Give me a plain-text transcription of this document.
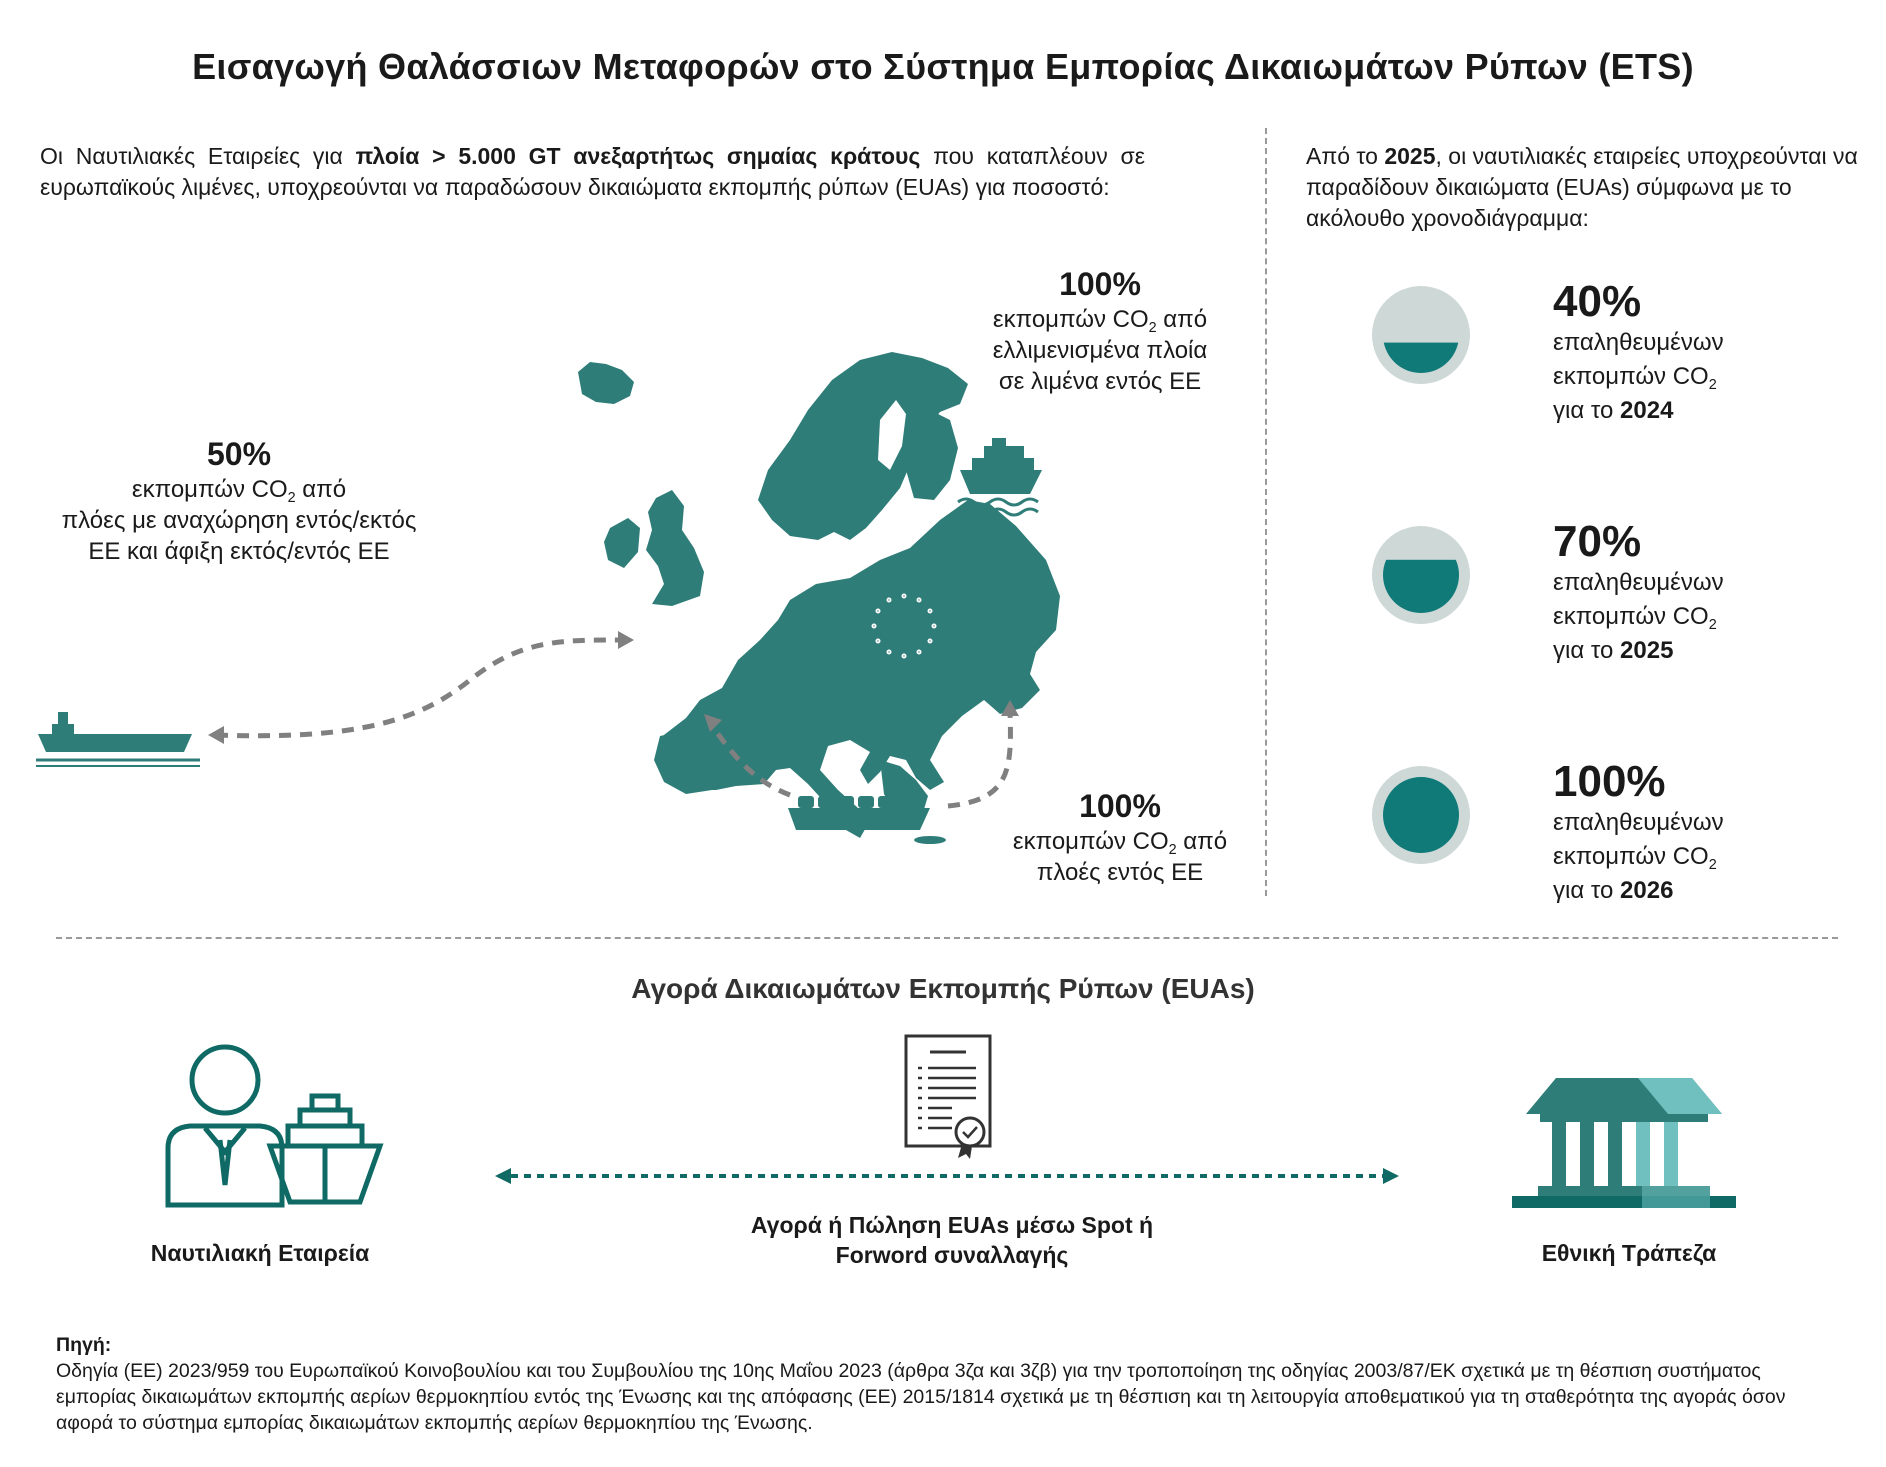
Εισαγωγή Θαλάσσιων Μεταφορών στο Σύστημα Εμπορίας Δικαιωμάτων Ρύπων (ETS)
Οι Ναυτιλιακές Εταιρείες για πλοία > 5.000 GT ανεξαρτήτως σημαίας κράτους που καταπλέουν σε ευρωπαϊκούς λιμένες, υποχρεούνται να παραδώσουν δικαιώματα εκπομπής ρύπων (EUAs) για ποσοστό:
Από το 2025, οι ναυτιλιακές εταιρείες υποχρεούνται να παραδίδουν δικαιώματα (EUAs) σύμφωνα με το ακόλουθο χρονοδιάγραμμα:
100%
εκπομπών $CO_2$ από
ελλιμενισμένα πλοία
σε λιμένα εντός ΕΕ
50%
εκπομπών $CO_2$ από
πλόες με αναχώρηση εντός/εκτός
ΕΕ και άφιξη εκτός/εντός ΕΕ
100%
εκπομπών $CO_2$ από
πλοές εντός ΕΕ
40%
επαληθευμένων
εκπομπών $CO_2$
για το 2024
70%
επαληθευμένων
εκπομπών $CO_2$
για το 2025
100%
επαληθευμένων
εκπομπών $CO_2$
για το 2026
Αγορά Δικαιωμάτων Εκπομπής Ρύπων (EUAs)
Ναυτιλιακή Εταιρεία
Αγορά ή Πώληση EUAs μέσω Spot ή
Forword συναλλαγής	Εθνική Τράπεζα
Πηγή:
Οδηγία (ΕΕ) 2023/959 του Ευρωπαϊκού Κοινοβουλίου και του Συμβουλίου της 10ης Μαΐου 2023 (άρθρα 3ζα και 3ζβ) για την τροποποίηση της οδηγίας 2003/87/ΕΚ σχετικά με τη θέσπιση συστήματος εμπορίας δικαιωμάτων εκπομπής αερίων θερμοκηπίου εντός της Ένωσης και της απόφασης (ΕΕ) 2015/1814 σχετικά με τη θέσπιση και τη λειτουργία αποθεματικού για τη σταθερότητα της αγοράς όσον αφορά το σύστημα εμπορίας δικαιωμάτων εκπομπής αερίων θερμοκηπίου της Ένωσης.
